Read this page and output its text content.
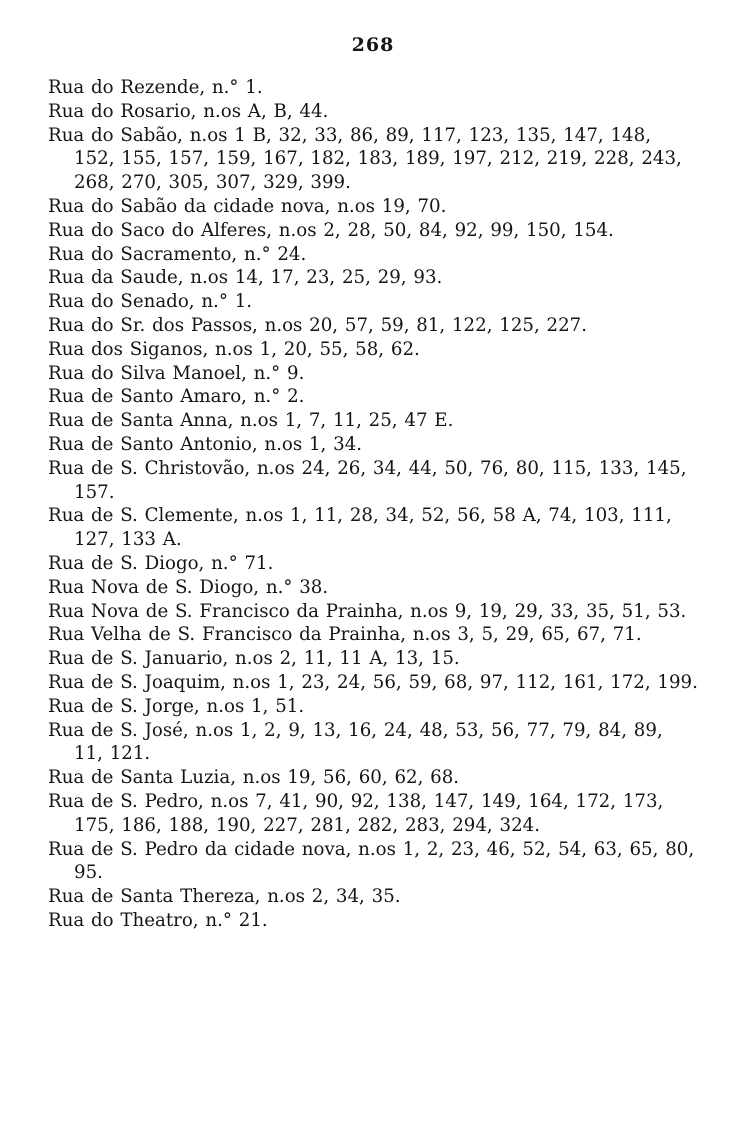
268

Rua do Rezende, n.° 1.

Rua do Rosario, n.os A, B, 44.

Rua do Sabão, n.os 1 B, 32, 33, 86, 89, 117, 123, 135, 147, 148, 152, 155, 157, 159, 167, 182, 183, 189, 197, 212, 219, 228, 243, 268, 270, 305, 307, 329, 399.

Rua do Sabão da cidade nova, n.os 19, 70.

Rua do Saco do Alferes, n.os 2, 28, 50, 84, 92, 99, 150, 154.

Rua do Sacramento, n.° 24.

Rua da Saude, n.os 14, 17, 23, 25, 29, 93.

Rua do Senado, n.° 1.

Rua do Sr. dos Passos, n.os 20, 57, 59, 81, 122, 125, 227.

Rua dos Siganos, n.os 1, 20, 55, 58, 62.

Rua do Silva Manoel, n.° 9.

Rua de Santo Amaro, n.° 2.

Rua de Santa Anna, n.os 1, 7, 11, 25, 47 E.

Rua de Santo Antonio, n.os 1, 34.

Rua de S. Christovão, n.os 24, 26, 34, 44, 50, 76, 80, 115, 133, 145, 157.

Rua de S. Clemente, n.os 1, 11, 28, 34, 52, 56, 58 A, 74, 103, 111, 127, 133 A.

Rua de S. Diogo, n.° 71.

Rua Nova de S. Diogo, n.° 38.

Rua Nova de S. Francisco da Prainha, n.os 9, 19, 29, 33, 35, 51, 53.

Rua Velha de S. Francisco da Prainha, n.os 3, 5, 29, 65, 67, 71.

Rua de S. Januario, n.os 2, 11, 11 A, 13, 15.

Rua de S. Joaquim, n.os 1, 23, 24, 56, 59, 68, 97, 112, 161, 172, 199.

Rua de S. Jorge, n.os 1, 51.

Rua de S. José, n.os 1, 2, 9, 13, 16, 24, 48, 53, 56, 77, 79, 84, 89, 11, 121.

Rua de Santa Luzia, n.os 19, 56, 60, 62, 68.

Rua de S. Pedro, n.os 7, 41, 90, 92, 138, 147, 149, 164, 172, 173, 175, 186, 188, 190, 227, 281, 282, 283, 294, 324.

Rua de S. Pedro da cidade nova, n.os 1, 2, 23, 46, 52, 54, 63, 65, 80, 95.

Rua de Santa Thereza, n.os 2, 34, 35.

Rua do Theatro, n.° 21.
